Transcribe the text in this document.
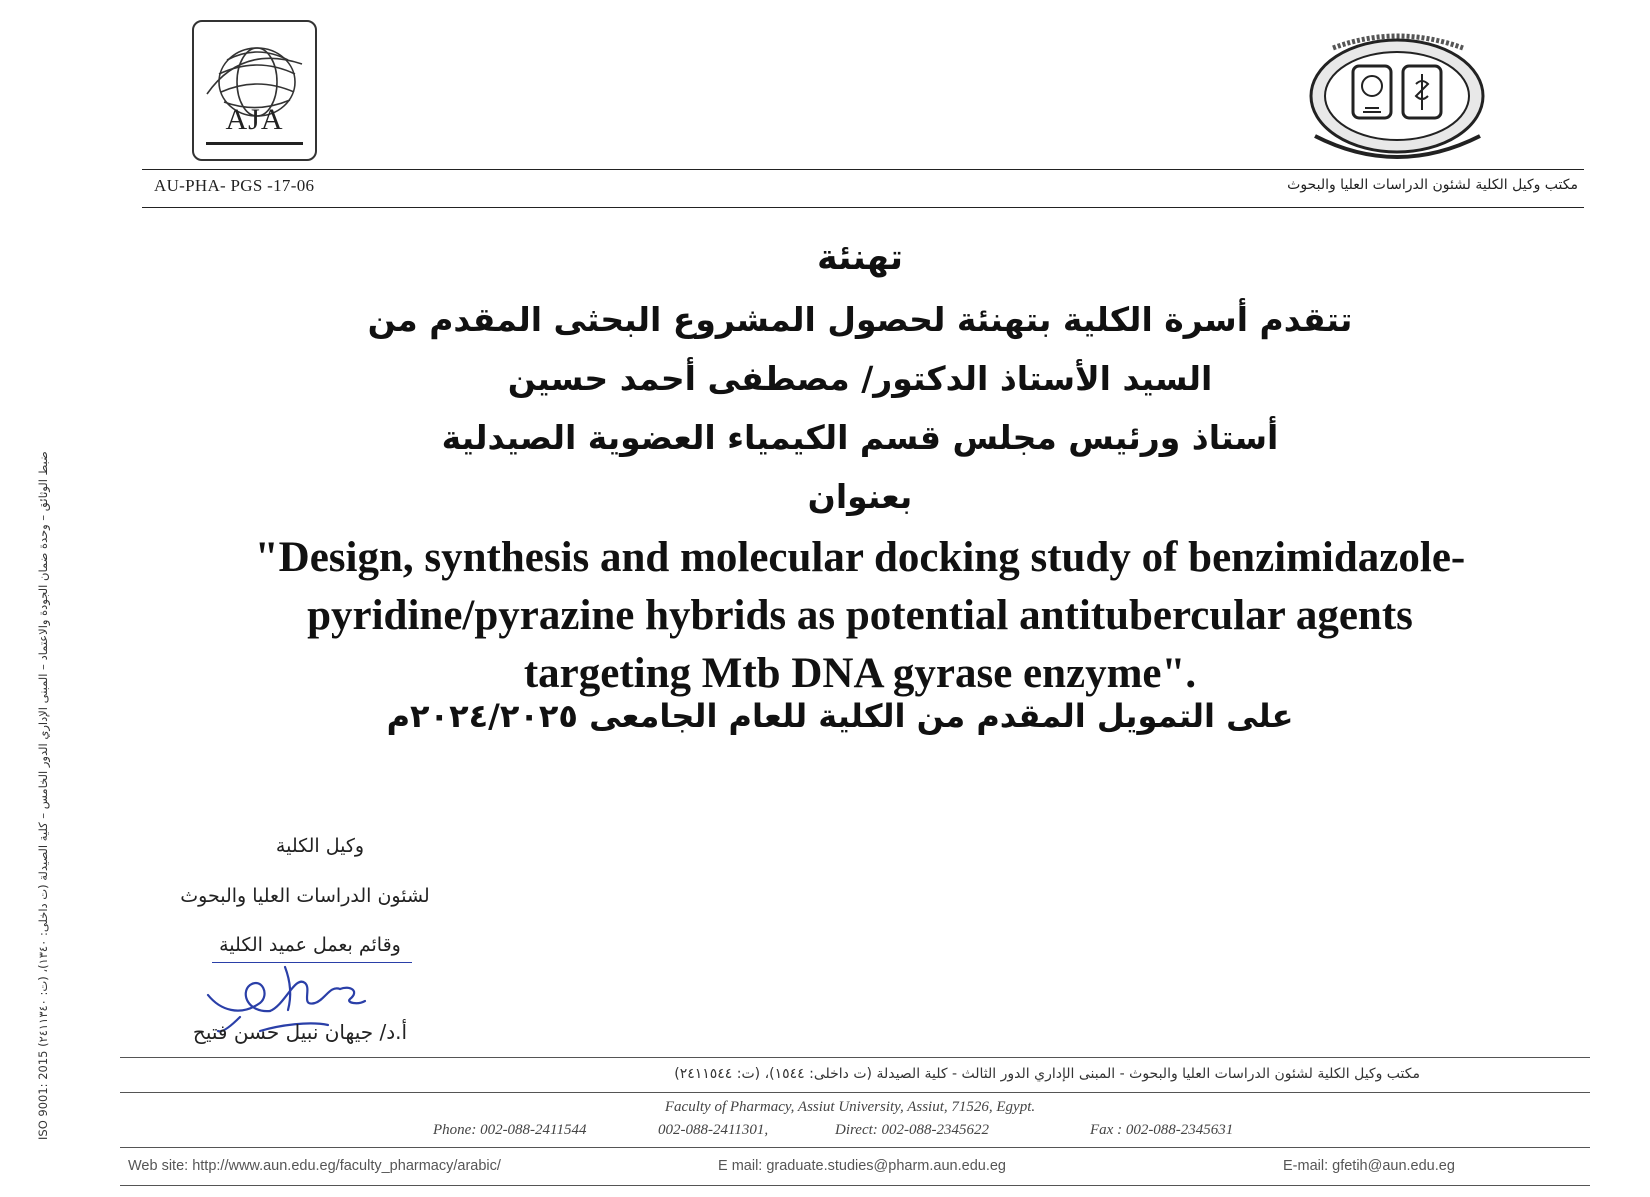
AJA
AU-PHA- PGS -17-06	مكتب وكيل الكلية لشئون الدراسات العليا والبحوث
ضبط الوثائق – وحدة ضمان الجودة والاعتماد – المبنى الإداري الدور الخامس – كلية الصيدلة (ت داخلى: ١٣٤٠)، (ت: ٢٤١١٣٤٠) ISO 9001: 2015
تهنئة
تتقدم أسرة الكلية بتهنئة لحصول المشروع البحثى المقدم من
السيد الأستاذ الدكتور/ مصطفى أحمد حسين
أستاذ ورئيس مجلس قسم الكيمياء العضوية الصيدلية
بعنوان
"Design, synthesis and molecular docking study of benzimidazole-
pyridine/pyrazine hybrids as potential antitubercular agents
targeting Mtb DNA gyrase enzyme".
على التمويل المقدم من الكلية للعام الجامعى ٢٠٢٤/٢٠٢٥م
وكيل الكلية
لشئون الدراسات العليا والبحوث
وقائم بعمل عميد الكلية
أ.د/ جيهان نبيل حسن فتيح
مكتب وكيل الكلية لشئون الدراسات العليا والبحوث - المبنى الإداري الدور الثالث - كلية الصيدلة (ت داخلى: ١٥٤٤)، (ت: ٢٤١١٥٤٤)
Faculty of Pharmacy, Assiut University, Assiut, 71526, Egypt.
Phone: 002-088-2411544	002-088-2411301,	Direct: 002-088-2345622	Fax : 002-088-2345631
Web site: http://www.aun.edu.eg/faculty_pharmacy/arabic/	E mail: graduate.studies@pharm.aun.edu.eg	E-mail: gfetih@aun.edu.eg
